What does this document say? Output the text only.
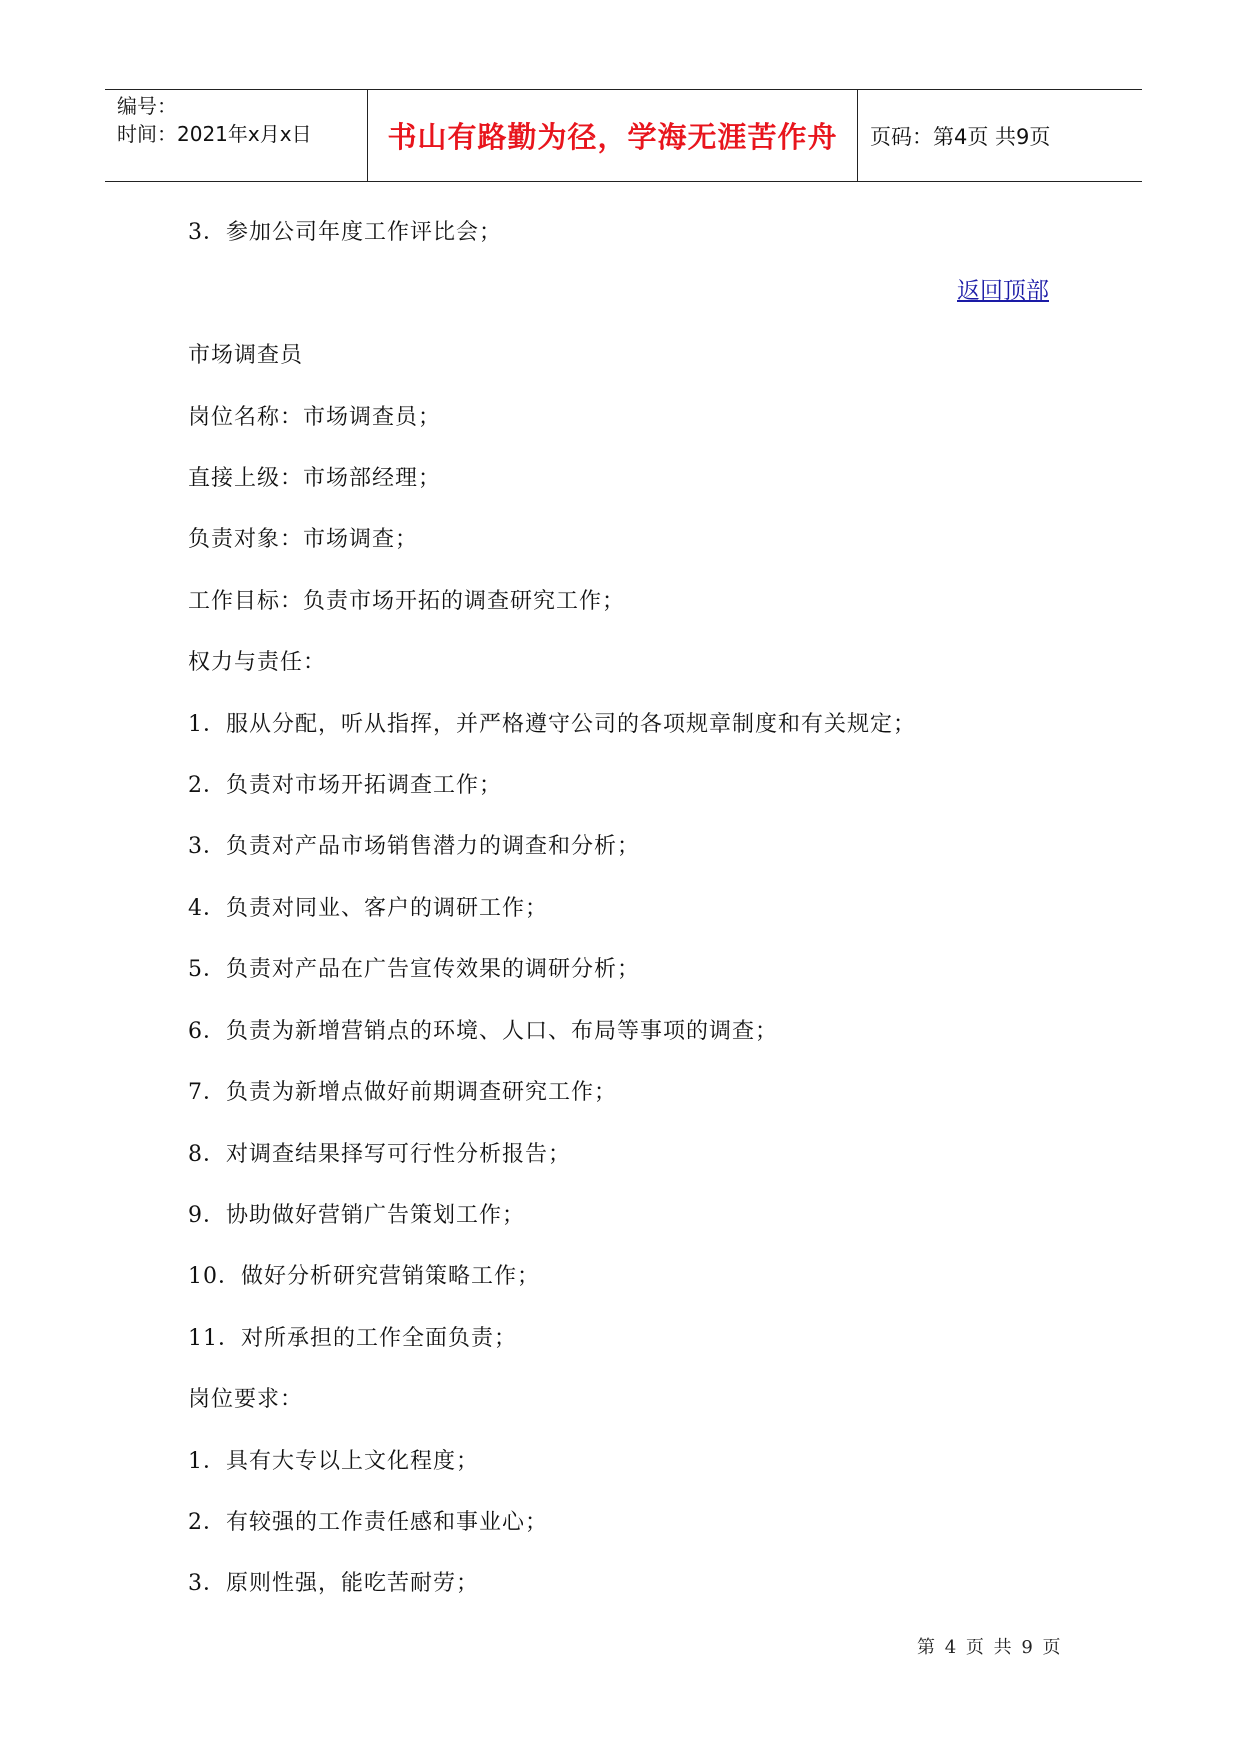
编号：
时间：2021年x月x日	书山有路勤为径，学海无涯苦作舟 页码：第4页 共9页
返回顶部
3．参加公司年度工作评比会；
市场调查员
岗位名称：市场调查员；
直接上级：市场部经理；
负责对象：市场调查；
工作目标：负责市场开拓的调查研究工作；
权力与责任：
1．服从分配，听从指挥，并严格遵守公司的各项规章制度和有关规定；
2．负责对市场开拓调查工作；
3．负责对产品市场销售潜力的调查和分析；
4．负责对同业、客户的调研工作；
5．负责对产品在广告宣传效果的调研分析；
6．负责为新增营销点的环境、人口、布局等事项的调查；
7．负责为新增点做好前期调查研究工作；
8．对调查结果择写可行性分析报告；
9．协助做好营销广告策划工作；
10．做好分析研究营销策略工作；
11．对所承担的工作全面负责；
岗位要求：
1．具有大专以上文化程度；
2．有较强的工作责任感和事业心；
3．原则性强，能吃苦耐劳；
第 4 页 共 9 页
